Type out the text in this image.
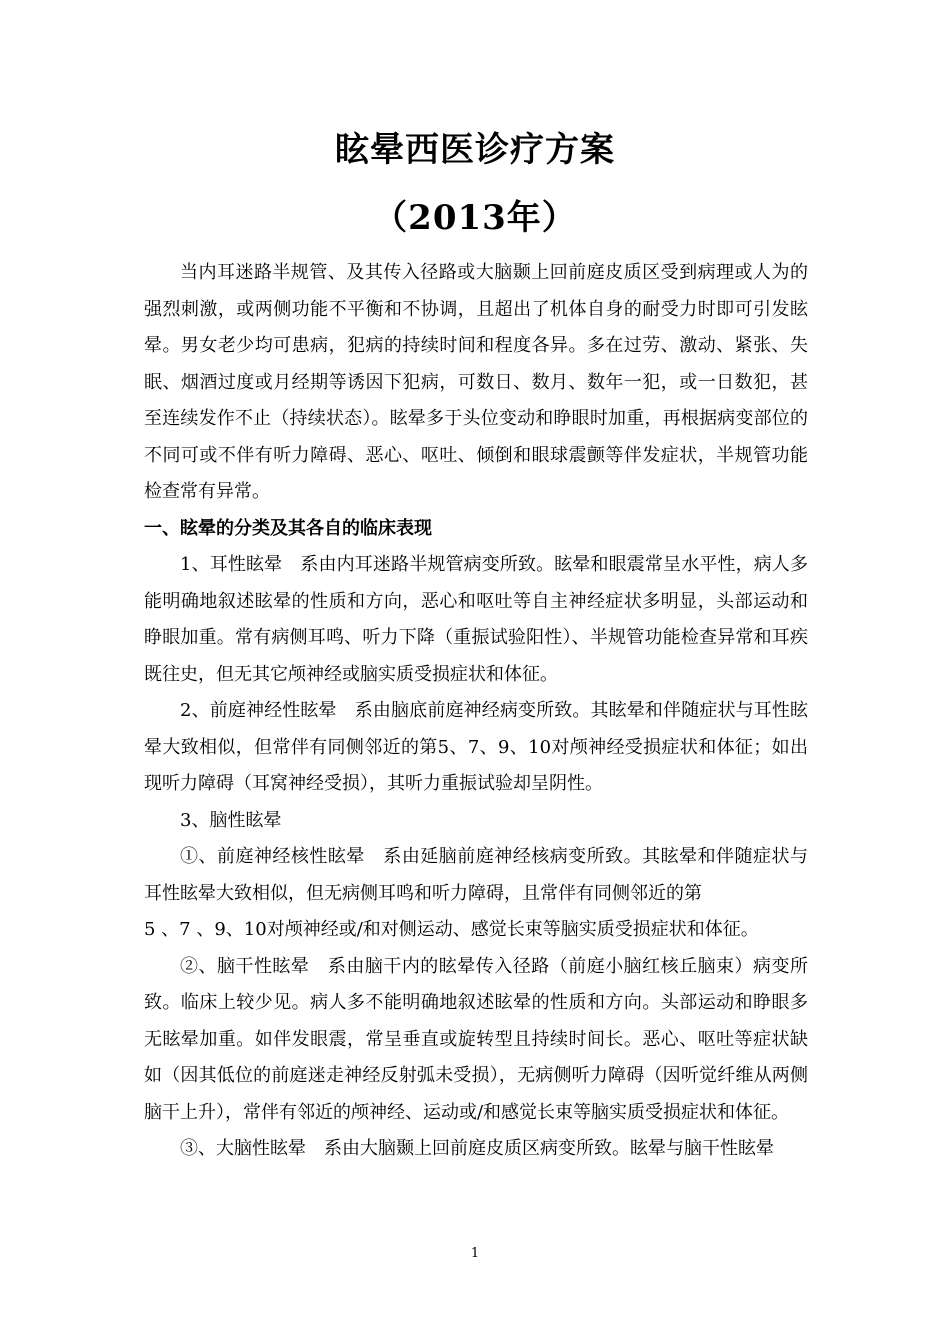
眩晕西医诊疗方案
（2013年）

当内耳迷路半规管、及其传入径路或大脑颞上回前庭皮质区受到病理或人为的强烈刺激，或两侧功能不平衡和不协调，且超出了机体自身的耐受力时即可引发眩晕。男女老少均可患病，犯病的持续时间和程度各异。多在过劳、激动、紧张、失眠、烟酒过度或月经期等诱因下犯病，可数日、数月、数年一犯，或一日数犯，甚至连续发作不止（持续状态）。眩晕多于头位变动和睁眼时加重，再根据病变部位的不同可或不伴有听力障碍、恶心、呕吐、倾倒和眼球震颤等伴发症状，半规管功能检查常有异常。

一、眩晕的分类及其各自的临床表现

1、耳性眩晕　系由内耳迷路半规管病变所致。眩晕和眼震常呈水平性，病人多能明确地叙述眩晕的性质和方向，恶心和呕吐等自主神经症状多明显，头部运动和睁眼加重。常有病侧耳鸣、听力下降（重振试验阳性）、半规管功能检查异常和耳疾既往史，但无其它颅神经或脑实质受损症状和体征。

2、前庭神经性眩晕　系由脑底前庭神经病变所致。其眩晕和伴随症状与耳性眩晕大致相似，但常伴有同侧邻近的第5、7、9、10对颅神经受损症状和体征；如出现听力障碍（耳窝神经受损），其听力重振试验却呈阴性。

3、脑性眩晕

①、前庭神经核性眩晕　系由延脑前庭神经核病变所致。其眩晕和伴随症状与耳性眩晕大致相似，但无病侧耳鸣和听力障碍，且常伴有同侧邻近的第

5 、7 、9、10对颅神经或/和对侧运动、感觉长束等脑实质受损症状和体征。

②、脑干性眩晕　系由脑干内的眩晕传入径路（前庭小脑红核丘脑束）病变所致。临床上较少见。病人多不能明确地叙述眩晕的性质和方向。头部运动和睁眼多无眩晕加重。如伴发眼震，常呈垂直或旋转型且持续时间长。恶心、呕吐等症状缺如（因其低位的前庭迷走神经反射弧未受损），无病侧听力障碍（因听觉纤维从两侧脑干上升），常伴有邻近的颅神经、运动或/和感觉长束等脑实质受损症状和体征。

③、大脑性眩晕　系由大脑颞上回前庭皮质区病变所致。眩晕与脑干性眩晕

1
